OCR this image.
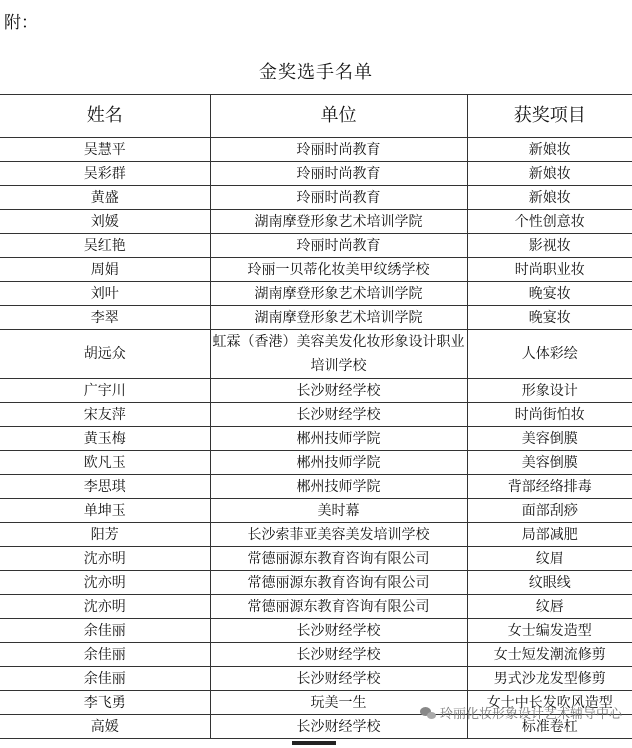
附：
金奖选手名单
姓名	单位	获奖项目
吴慧平	玲丽时尚教育	新娘妆
吴彩群	玲丽时尚教育	新娘妆
黄盛	玲丽时尚教育	新娘妆
刘媛	湖南摩登形象艺术培训学院	个性创意妆
吴红艳	玲丽时尚教育	影视妆
周娟	玲丽一贝蒂化妆美甲纹绣学校	时尚职业妆
刘叶	湖南摩登形象艺术培训学院	晚宴妆
李翠	湖南摩登形象艺术培训学院	晚宴妆
胡远众	虹霖（香港）美容美发化妆形象设计职业培训学校	人体彩绘
广宇川	长沙财经学校	形象设计
宋友萍	长沙财经学校	时尚街怕妆
黄玉梅	郴州技师学院	美容倒膜
欧凡玉	郴州技师学院	美容倒膜
李思琪	郴州技师学院	背部经络排毒
单坤玉	美时幕	面部刮痧
阳芳	长沙索菲亚美容美发培训学校	局部减肥
沈亦明	常德丽源东教育咨询有限公司	纹眉
沈亦明	常德丽源东教育咨询有限公司	纹眼线
沈亦明	常德丽源东教育咨询有限公司	纹唇
余佳丽	长沙财经学校	女士编发造型
余佳丽	长沙财经学校	女士短发潮流修剪
余佳丽	长沙财经学校	男式沙龙发型修剪
李飞勇	玩美一生	女士中长发吹风造型
高媛	长沙财经学校	标准卷杠
玲丽化妆形象设计艺术辅导中心
